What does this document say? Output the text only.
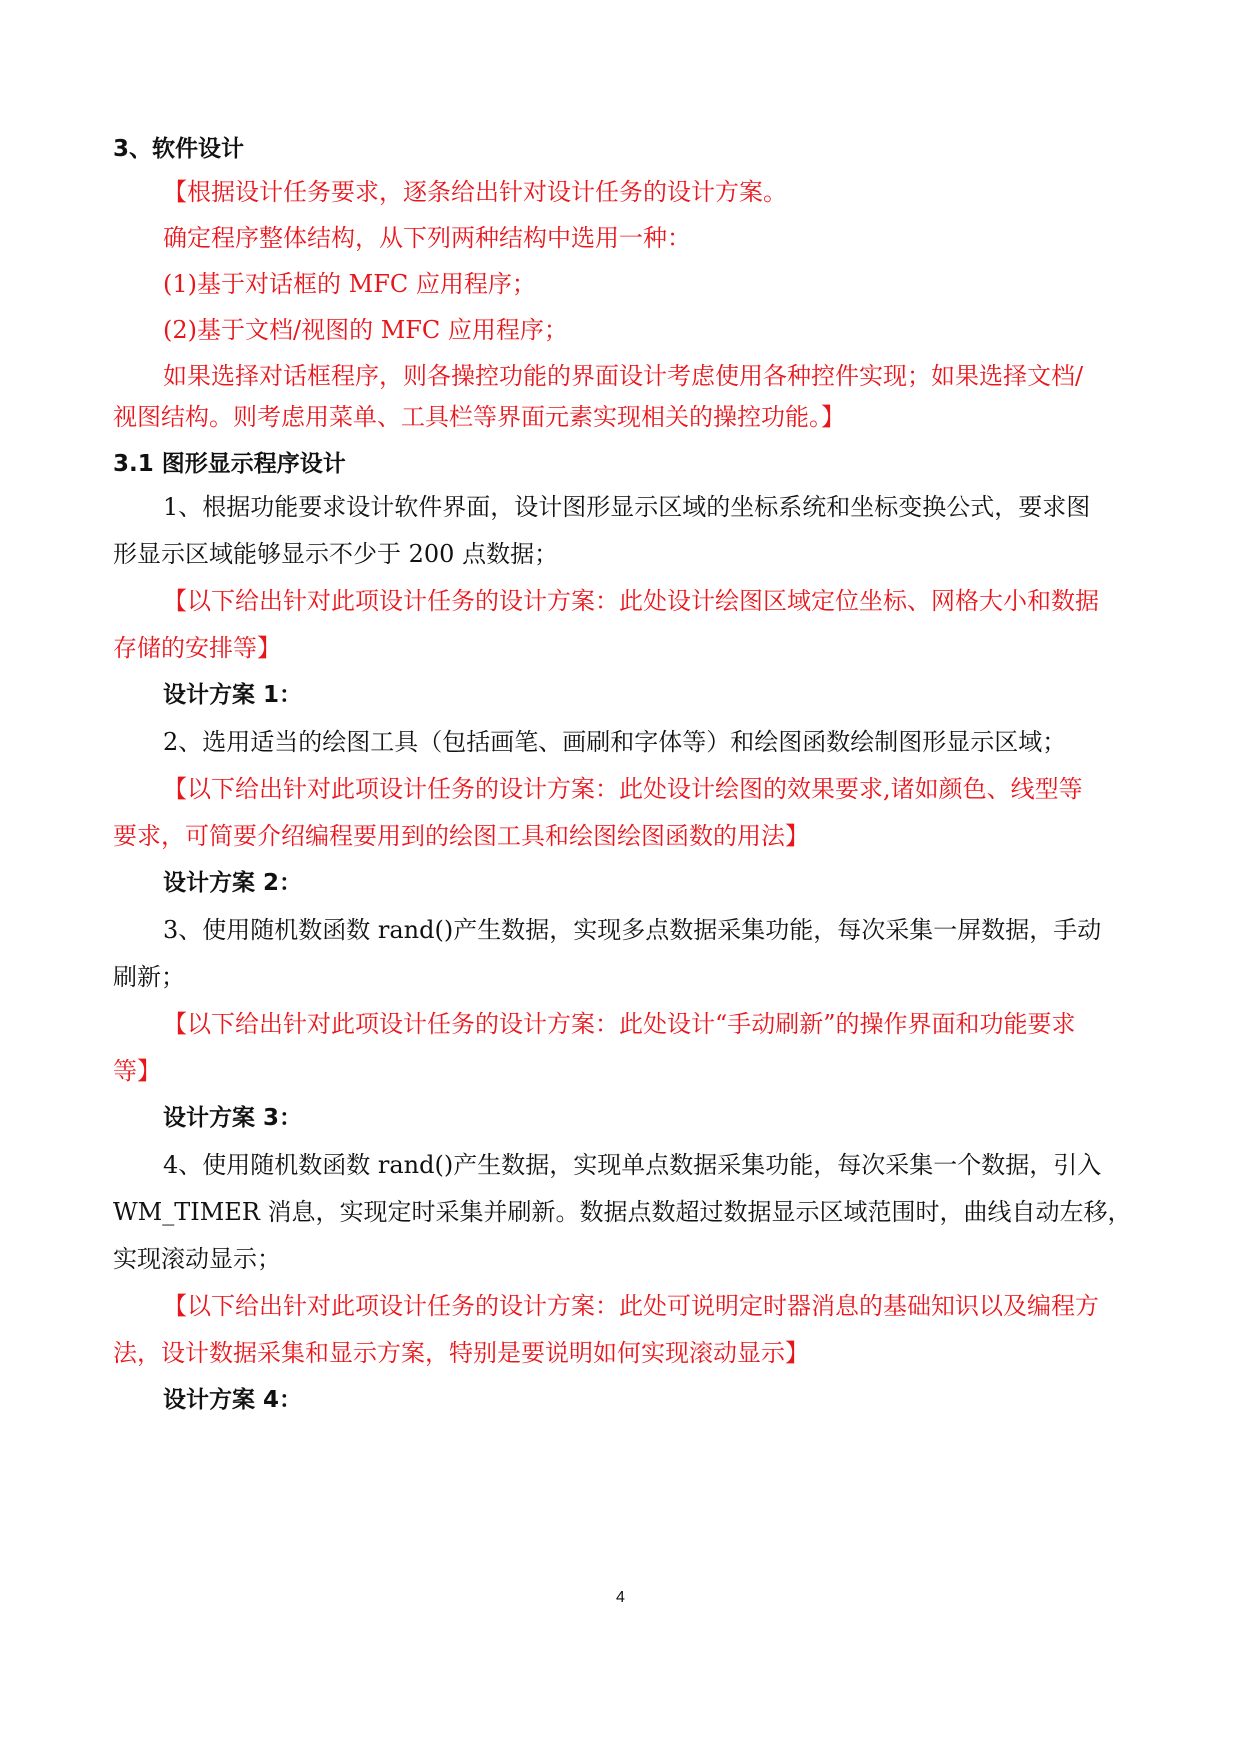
3、软件设计
【根据设计任务要求，逐条给出针对设计任务的设计方案。
确定程序整体结构，从下列两种结构中选用一种：
(1)基于对话框的 MFC 应用程序；
(2)基于文档/视图的 MFC 应用程序；
如果选择对话框程序，则各操控功能的界面设计考虑使用各种控件实现；如果选择文档/
视图结构。则考虑用菜单、工具栏等界面元素实现相关的操控功能。】
3.1 图形显示程序设计
1、根据功能要求设计软件界面，设计图形显示区域的坐标系统和坐标变换公式，要求图
形显示区域能够显示不少于 200 点数据；
【以下给出针对此项设计任务的设计方案：此处设计绘图区域定位坐标、网格大小和数据
存储的安排等】
设计方案 1：
2、选用适当的绘图工具（包括画笔、画刷和字体等）和绘图函数绘制图形显示区域；
【以下给出针对此项设计任务的设计方案：此处设计绘图的效果要求,诸如颜色、线型等
要求，可简要介绍编程要用到的绘图工具和绘图绘图函数的用法】
设计方案 2：
3、使用随机数函数 rand()产生数据，实现多点数据采集功能，每次采集一屏数据，手动
刷新；
【以下给出针对此项设计任务的设计方案：此处设计“手动刷新”的操作界面和功能要求
等】
设计方案 3：
4、使用随机数函数 rand()产生数据，实现单点数据采集功能，每次采集一个数据，引入
WM_TIMER 消息，实现定时采集并刷新。数据点数超过数据显示区域范围时，曲线自动左移，
实现滚动显示；
【以下给出针对此项设计任务的设计方案：此处可说明定时器消息的基础知识以及编程方
法，设计数据采集和显示方案，特别是要说明如何实现滚动显示】
设计方案 4：
4
